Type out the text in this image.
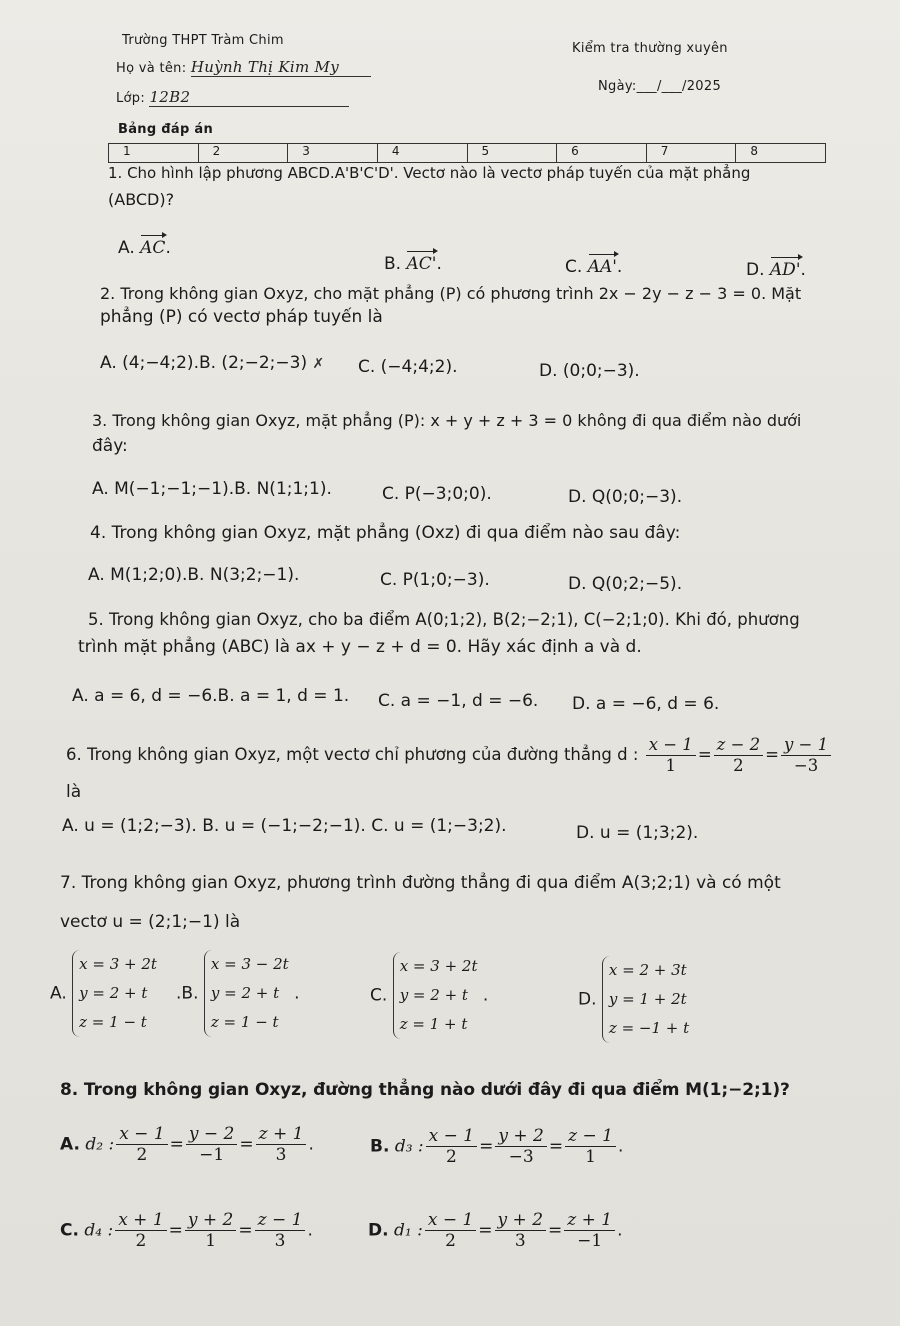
Trường THPT Tràm Chim
Kiểm tra thường xuyên
Họ và tên: Huỳnh Thị Kim My
Ngày:___/___/2025
Lớp: 12B2
Bảng đáp án
1	2	3	4	5	6	7	8
1. Cho hình lập phương ABCD.A'B'C'D'. Vectơ nào là vectơ pháp tuyến của mặt phẳng
(ABCD)?
A. AC.
B. AC'.	C. AA'.	D. AD'.
2. Trong không gian Oxyz, cho mặt phẳng (P) có phương trình 2x − 2y − z − 3 = 0. Mặt
phẳng (P) có vectơ pháp tuyến là
A. (4;−4;2).B. (2;−2;−3) ✗ C. (−4;4;2).	D. (0;0;−3).
3. Trong không gian Oxyz, mặt phẳng (P): x + y + z + 3 = 0 không đi qua điểm nào dưới
đây:
A. M(−1;−1;−1).B. N(1;1;1).	C. P(−3;0;0).	D. Q(0;0;−3).
4. Trong không gian Oxyz, mặt phẳng (Oxz) đi qua điểm nào sau đây:
A. M(1;2;0).B. N(3;2;−1).	C. P(1;0;−3).	D. Q(0;2;−5).
5. Trong không gian Oxyz, cho ba điểm A(0;1;2), B(2;−2;1), C(−2;1;0). Khi đó, phương
trình mặt phẳng (ABC) là ax + y − z + d = 0. Hãy xác định a và d.
A. a = 6, d = −6.B. a = 1, d = 1. C. a = −1, d = −6. D. a = −6, d = 6.
6. Trong không gian Oxyz, một vectơ chỉ phương của đường thẳng d : $\frac{x - 1}{1} = \frac{z - 2}{2} = \frac{y - 1}{-3}$
là
A. u = (1;2;−3). B. u = (−1;−2;−1). C. u = (1;−3;2).	D. u = (1;3;2).
7. Trong không gian Oxyz, phương trình đường thẳng đi qua điểm A(3;2;1) và có một
vectơ u = (2;1;−1) là
A.
x = 3 + 2t
y = 2 + t
z = 1 − t
.B.
x = 3 − 2t
y = 2 + t
z = 1 − t
.	C.
x = 3 + 2t
y = 2 + t
z = 1 + t
.	D.
x = 2 + 3t
y = 1 + 2t
z = −1 + t
8. Trong không gian Oxyz, đường thẳng nào dưới đây đi qua điểm M(1;−2;1)?
A. d₂ : $\frac{x - 1}{2} = \frac{y - 2}{-1} = \frac{z + 1}{3}$ .	B. d₃ : $\frac{x - 1}{2} = \frac{y + 2}{-3} = \frac{z - 1}{1}$ .
C. d₄ : $\frac{x + 1}{2} = \frac{y + 2}{1} = \frac{z - 1}{3}$ .	D. d₁ : $\frac{x - 1}{2} = \frac{y + 2}{3} = \frac{z + 1}{-1}$ .
